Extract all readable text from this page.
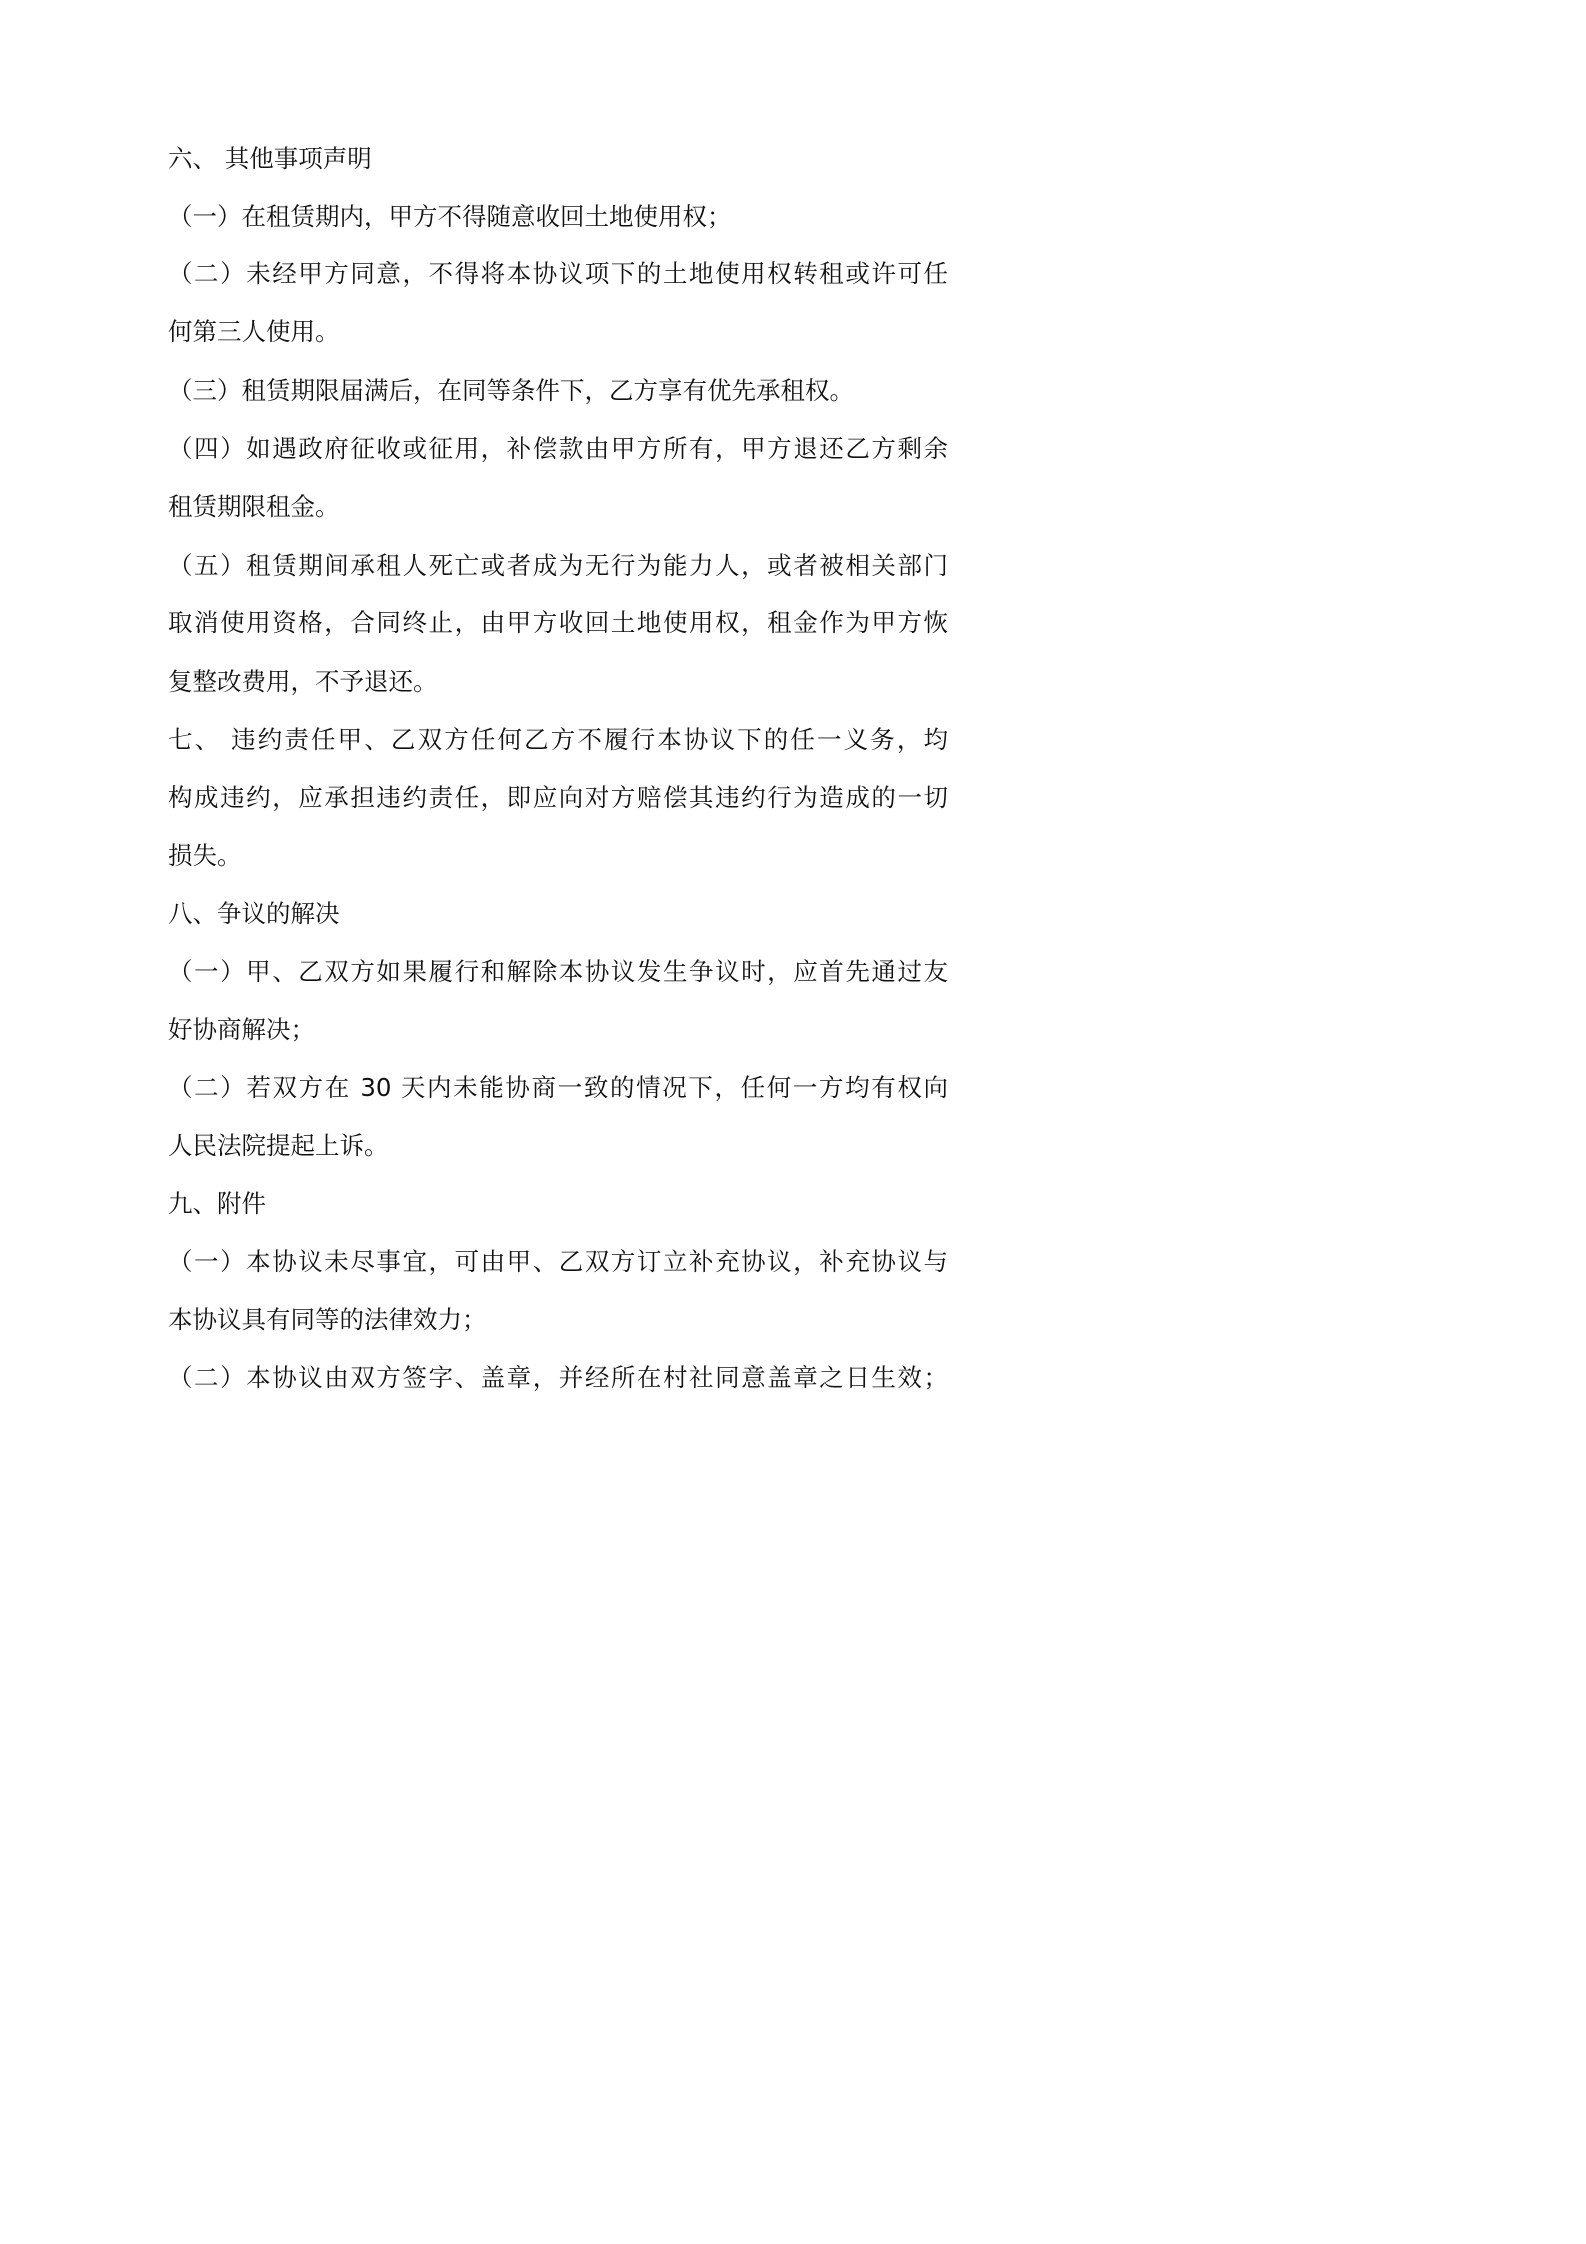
六、 其他事项声明
（一）在租赁期内，甲方不得随意收回土地使用权；
（二）未经甲方同意，不得将本协议项下的土地使用权转租或许可任
何第三人使用。
（三）租赁期限届满后，在同等条件下，乙方享有优先承租权。
（四）如遇政府征收或征用，补偿款由甲方所有，甲方退还乙方剩余
租赁期限租金。
（五）租赁期间承租人死亡或者成为无行为能力人，或者被相关部门
取消使用资格，合同终止，由甲方收回土地使用权，租金作为甲方恢
复整改费用，不予退还。
七、 违约责任甲、乙双方任何乙方不履行本协议下的任一义务，均
构成违约，应承担违约责任，即应向对方赔偿其违约行为造成的一切
损失。
八、争议的解决
（一）甲、乙双方如果履行和解除本协议发生争议时，应首先通过友
好协商解决；
（二）若双方在 30 天内未能协商一致的情况下，任何一方均有权向
人民法院提起上诉。
九、附件
（一）本协议未尽事宜，可由甲、乙双方订立补充协议，补充协议与
本协议具有同等的法律效力；
（二）本协议由双方签字、盖章，并经所在村社同意盖章之日生效；
